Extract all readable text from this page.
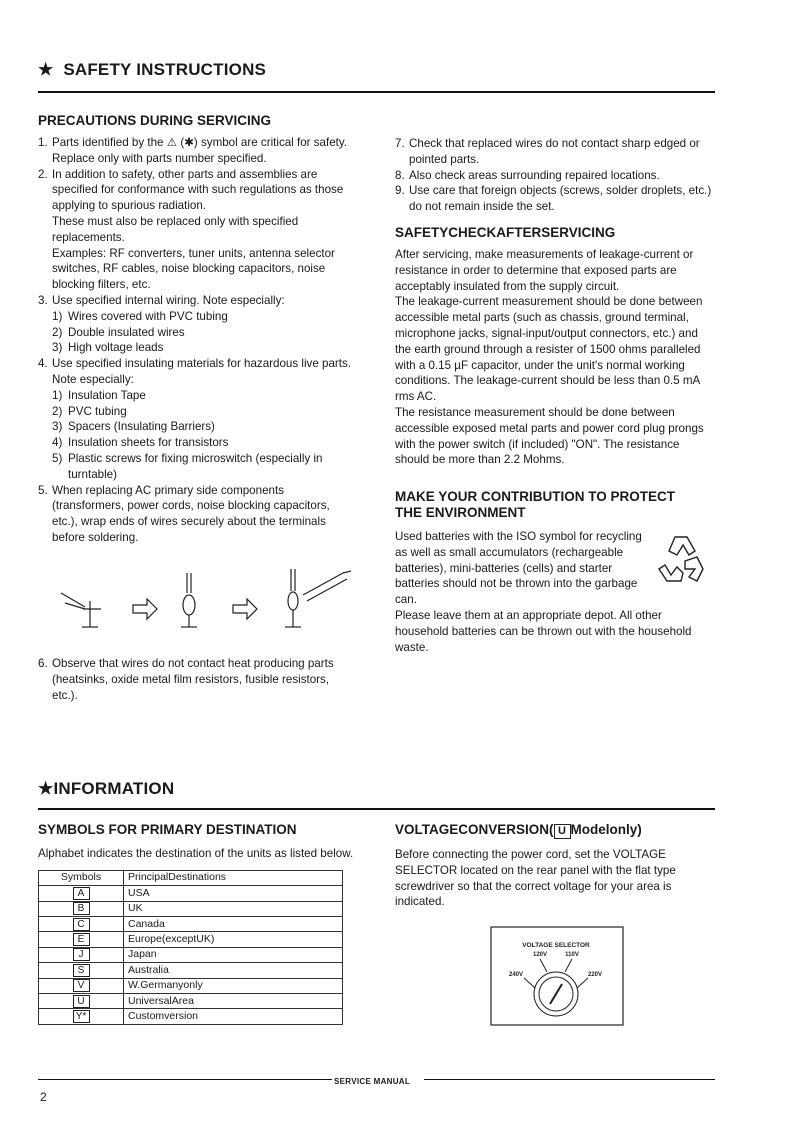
★ SAFETY INSTRUCTIONS
PRECAUTIONS DURING SERVICING
1. Parts identified by the ⚠ (✱) symbol are critical for safety. Replace only with parts number specified.

2. In addition to safety, other parts and assemblies are specified for conformance with such regulations as those applying to spurious radiation.

These must also be replaced only with specified replacements.

Examples: RF converters, tuner units, antenna selector switches, RF cables, noise blocking capacitors, noise blocking filters, etc.

3. Use specified internal wiring. Note especially:

1) Wires covered with PVC tubing
2) Double insulated wires
3) High voltage leads
4. Use specified insulating materials for hazardous live parts. Note especially:

1) Insulation Tape
2) PVC tubing
3) Spacers (Insulating Barriers)
4) Insulation sheets for transistors
5) Plastic screws for fixing microswitch (especially in turntable)
5. When replacing AC primary side components (transformers, power cords, noise blocking capacitors, etc.), wrap ends of wires securely about the terminals before soldering.

6. Observe that wires do not contact heat producing parts (heatsinks, oxide metal film resistors, fusible resistors, etc.).
7. Check that replaced wires do not contact sharp edged or pointed parts.
8. Also check areas surrounding repaired locations.
9. Use care that foreign objects (screws, solder droplets, etc.) do not remain inside the set.
SAFETYCHECKAFTERSERVICING

After servicing, make measurements of leakage-current or resistance in order to determine that exposed parts are acceptably insulated from the supply circuit.

The leakage-current measurement should be done between accessible metal parts (such as chassis, ground terminal, microphone jacks, signal-input/output connectors, etc.) and the earth ground through a resister of 1500 ohms paralleled with a 0.15 µF capacitor, under the unit's normal working conditions. The leakage-current should be less than 0.5 mA rms AC.

The resistance measurement should be done between accessible exposed metal parts and power cord plug prongs with the power switch (if included) "ON". The resistance should be more than 2.2 Mohms.

MAKE YOUR CONTRIBUTION TO PROTECT
THE ENVIRONMENT

Used batteries with the ISO symbol for recycling as well as small accumulators (rechargeable batteries), mini-batteries (cells) and starter batteries should not be thrown into the garbage can.

Please leave them at an appropriate depot. All other household batteries can be thrown out with the household waste.

★INFORMATION
SYMBOLS FOR PRIMARY DESTINATION

Alphabet indicates the destination of the units as listed below.

Symbols	PrincipalDestinations
A	USA
B	UK
C	Canada
E	Europe(exceptUK)
J	Japan
S	Australia
V	W.Germanyonly
U	UniversalArea
Y*	Customversion
VOLTAGECONVERSION( U Modelonly)

Before connecting the power cord, set the VOLTAGE SELECTOR located on the rear panel with the flat type screwdriver so that the correct voltage for your area is indicated.

VOLTAGE SELECTOR
120V	110V
240V	220V
SERVICE MANUAL
2
